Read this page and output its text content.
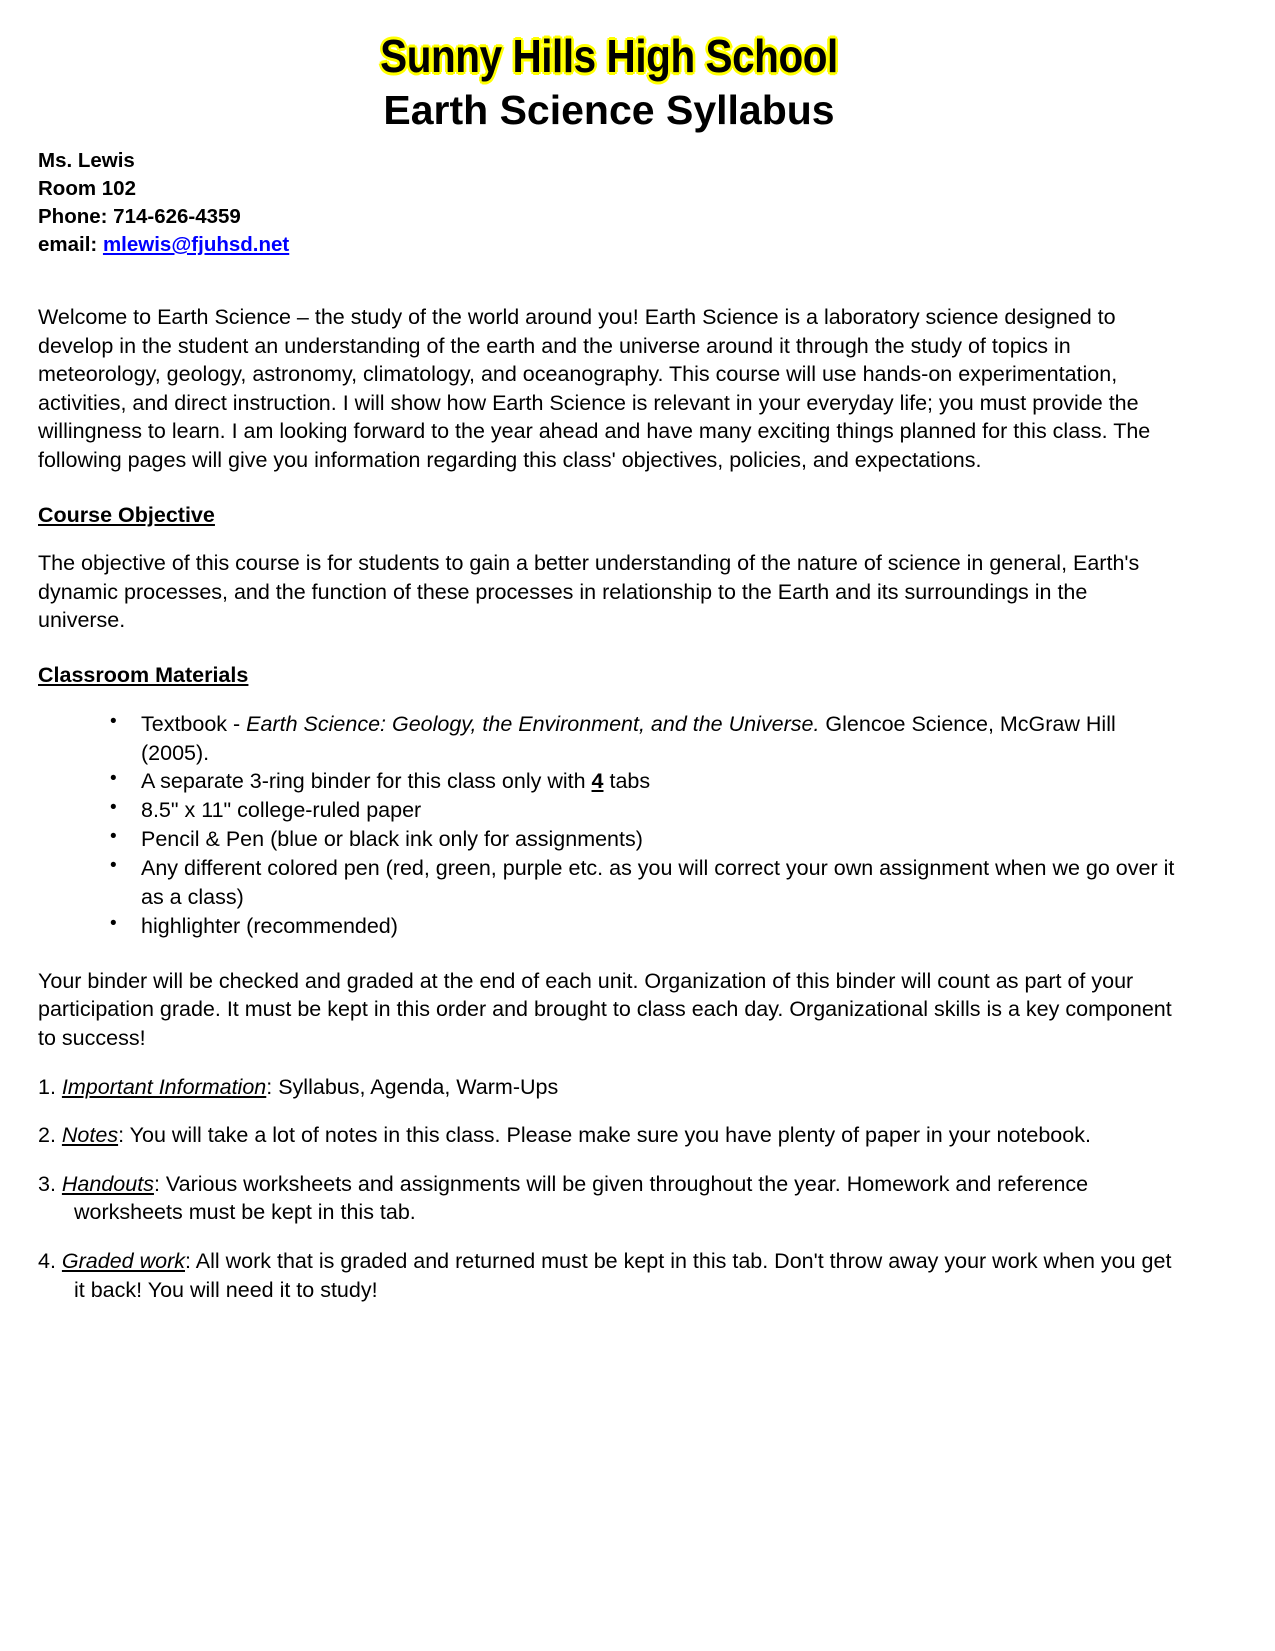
Sunny Hills High School
Earth Science Syllabus
Ms. Lewis
Room 102
Phone: 714-626-4359
email: mlewis@fjuhsd.net

Welcome to Earth Science – the study of the world around you! Earth Science is a laboratory science designed to develop in the student an understanding of the earth and the universe around it through the study of topics in meteorology, geology, astronomy, climatology, and oceanography. This course will use hands-on experimentation, activities, and direct instruction. I will show how Earth Science is relevant in your everyday life; you must provide the willingness to learn. I am looking forward to the year ahead and have many exciting things planned for this class. The following pages will give you information regarding this class' objectives, policies, and expectations.

Course Objective

The objective of this course is for students to gain a better understanding of the nature of science in general, Earth's dynamic processes, and the function of these processes in relationship to the Earth and its surroundings in the universe.

Classroom Materials
• Textbook - Earth Science: Geology, the Environment, and the Universe. Glencoe Science, McGraw Hill (2005).
• A separate 3-ring binder for this class only with 4 tabs
• 8.5" x 11" college-ruled paper
• Pencil & Pen (blue or black ink only for assignments)
• Any different colored pen (red, green, purple etc. as you will correct your own assignment when we go over it as a class)
• highlighter (recommended)

Your binder will be checked and graded at the end of each unit. Organization of this binder will count as part of your participation grade. It must be kept in this order and brought to class each day. Organizational skills is a key component to success!

1. Important Information: Syllabus, Agenda, Warm-Ups

2. Notes: You will take a lot of notes in this class. Please make sure you have plenty of paper in your notebook.

3. Handouts: Various worksheets and assignments will be given throughout the year. Homework and reference worksheets must be kept in this tab.

4. Graded work: All work that is graded and returned must be kept in this tab. Don't throw away your work when you get it back! You will need it to study!
